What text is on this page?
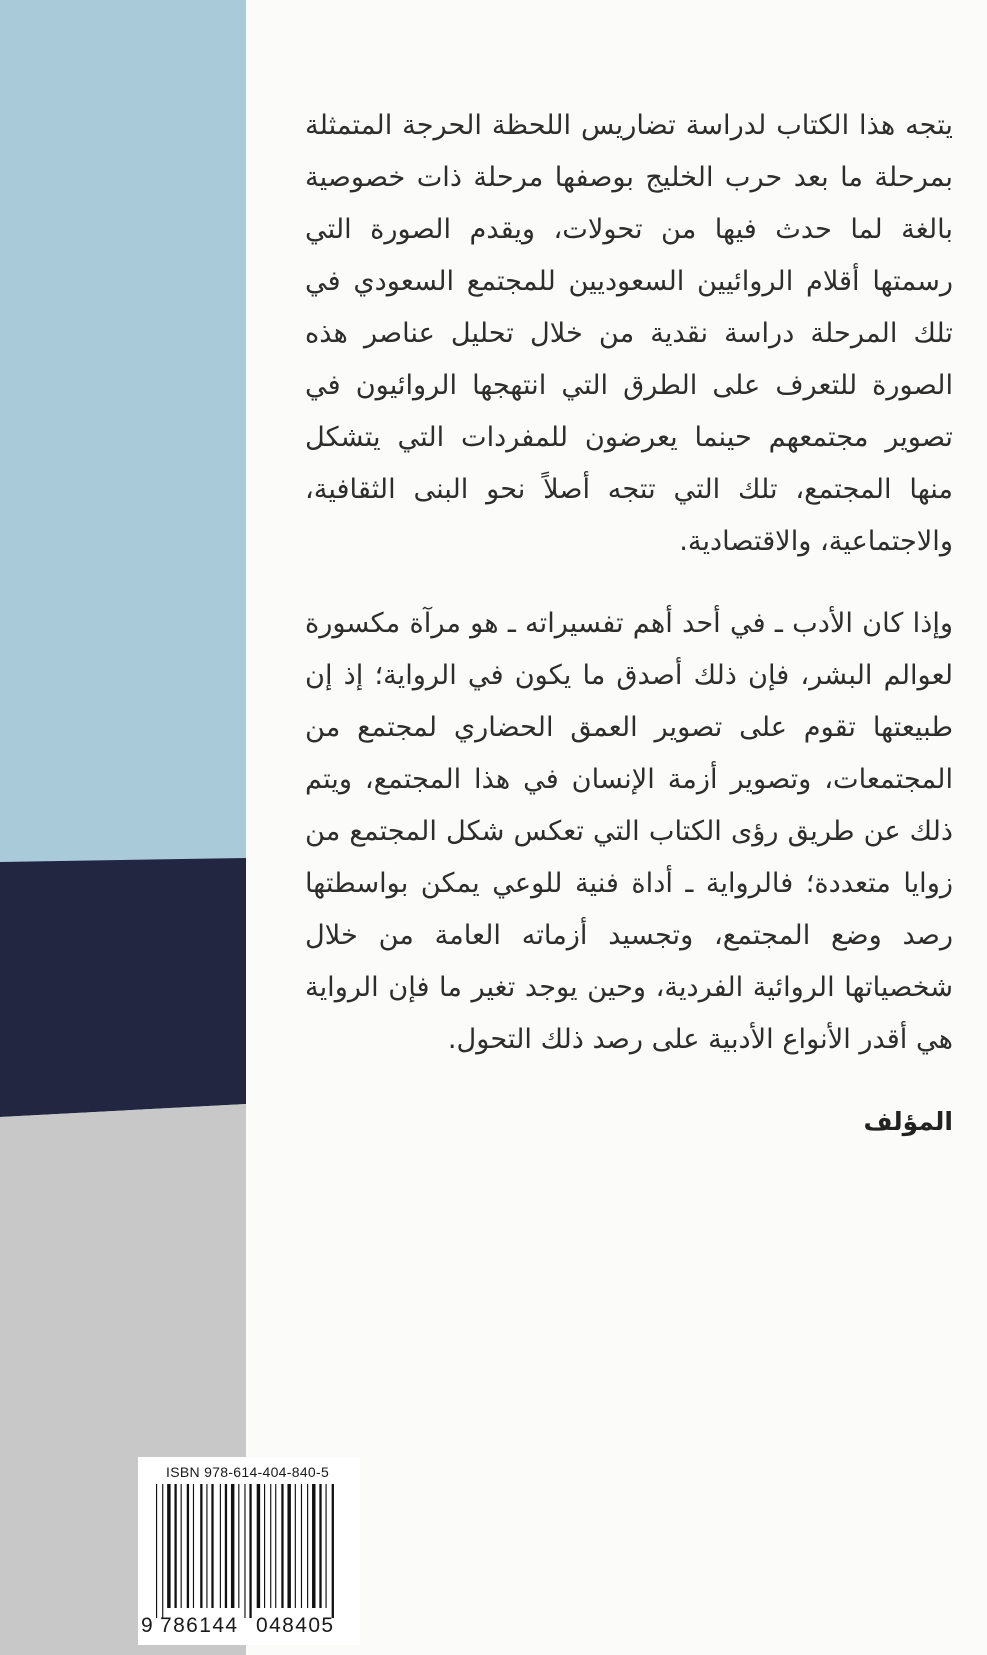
يتجه هذا الكتاب لدراسة تضاريس اللحظة الحرجة المتمثلة بمرحلة ما بعد حرب الخليج بوصفها مرحلة ذات خصوصية بالغة لما حدث فيها من تحولات، ويقدم الصورة التي رسمتها أقلام الروائيين السعوديين للمجتمع السعودي في تلك المرحلة دراسة نقدية من خلال تحليل عناصر هذه الصورة للتعرف على الطرق التي انتهجها الروائيون في تصوير مجتمعهم حينما يعرضون للمفردات التي يتشكل منها المجتمع، تلك التي تتجه أصلاً نحو البنى الثقافية، والاجتماعية، والاقتصادية.

وإذا كان الأدب ـ في أحد أهم تفسيراته ـ هو مرآة مكسورة لعوالم البشر، فإن ذلك أصدق ما يكون في الرواية؛ إذ إن طبيعتها تقوم على تصوير العمق الحضاري لمجتمع من المجتمعات، وتصوير أزمة الإنسان في هذا المجتمع، ويتم ذلك عن طريق رؤى الكتاب التي تعكس شكل المجتمع من زوايا متعددة؛ فالرواية ـ أداة فنية للوعي يمكن بواسطتها رصد وضع المجتمع، وتجسيد أزماته العامة من خلال شخصياتها الروائية الفردية، وحين يوجد تغير ما فإن الرواية هي أقدر الأنواع الأدبية على رصد ذلك التحول.

المؤلف
ISBN 978-614-404-840-5
9 786144 048405
